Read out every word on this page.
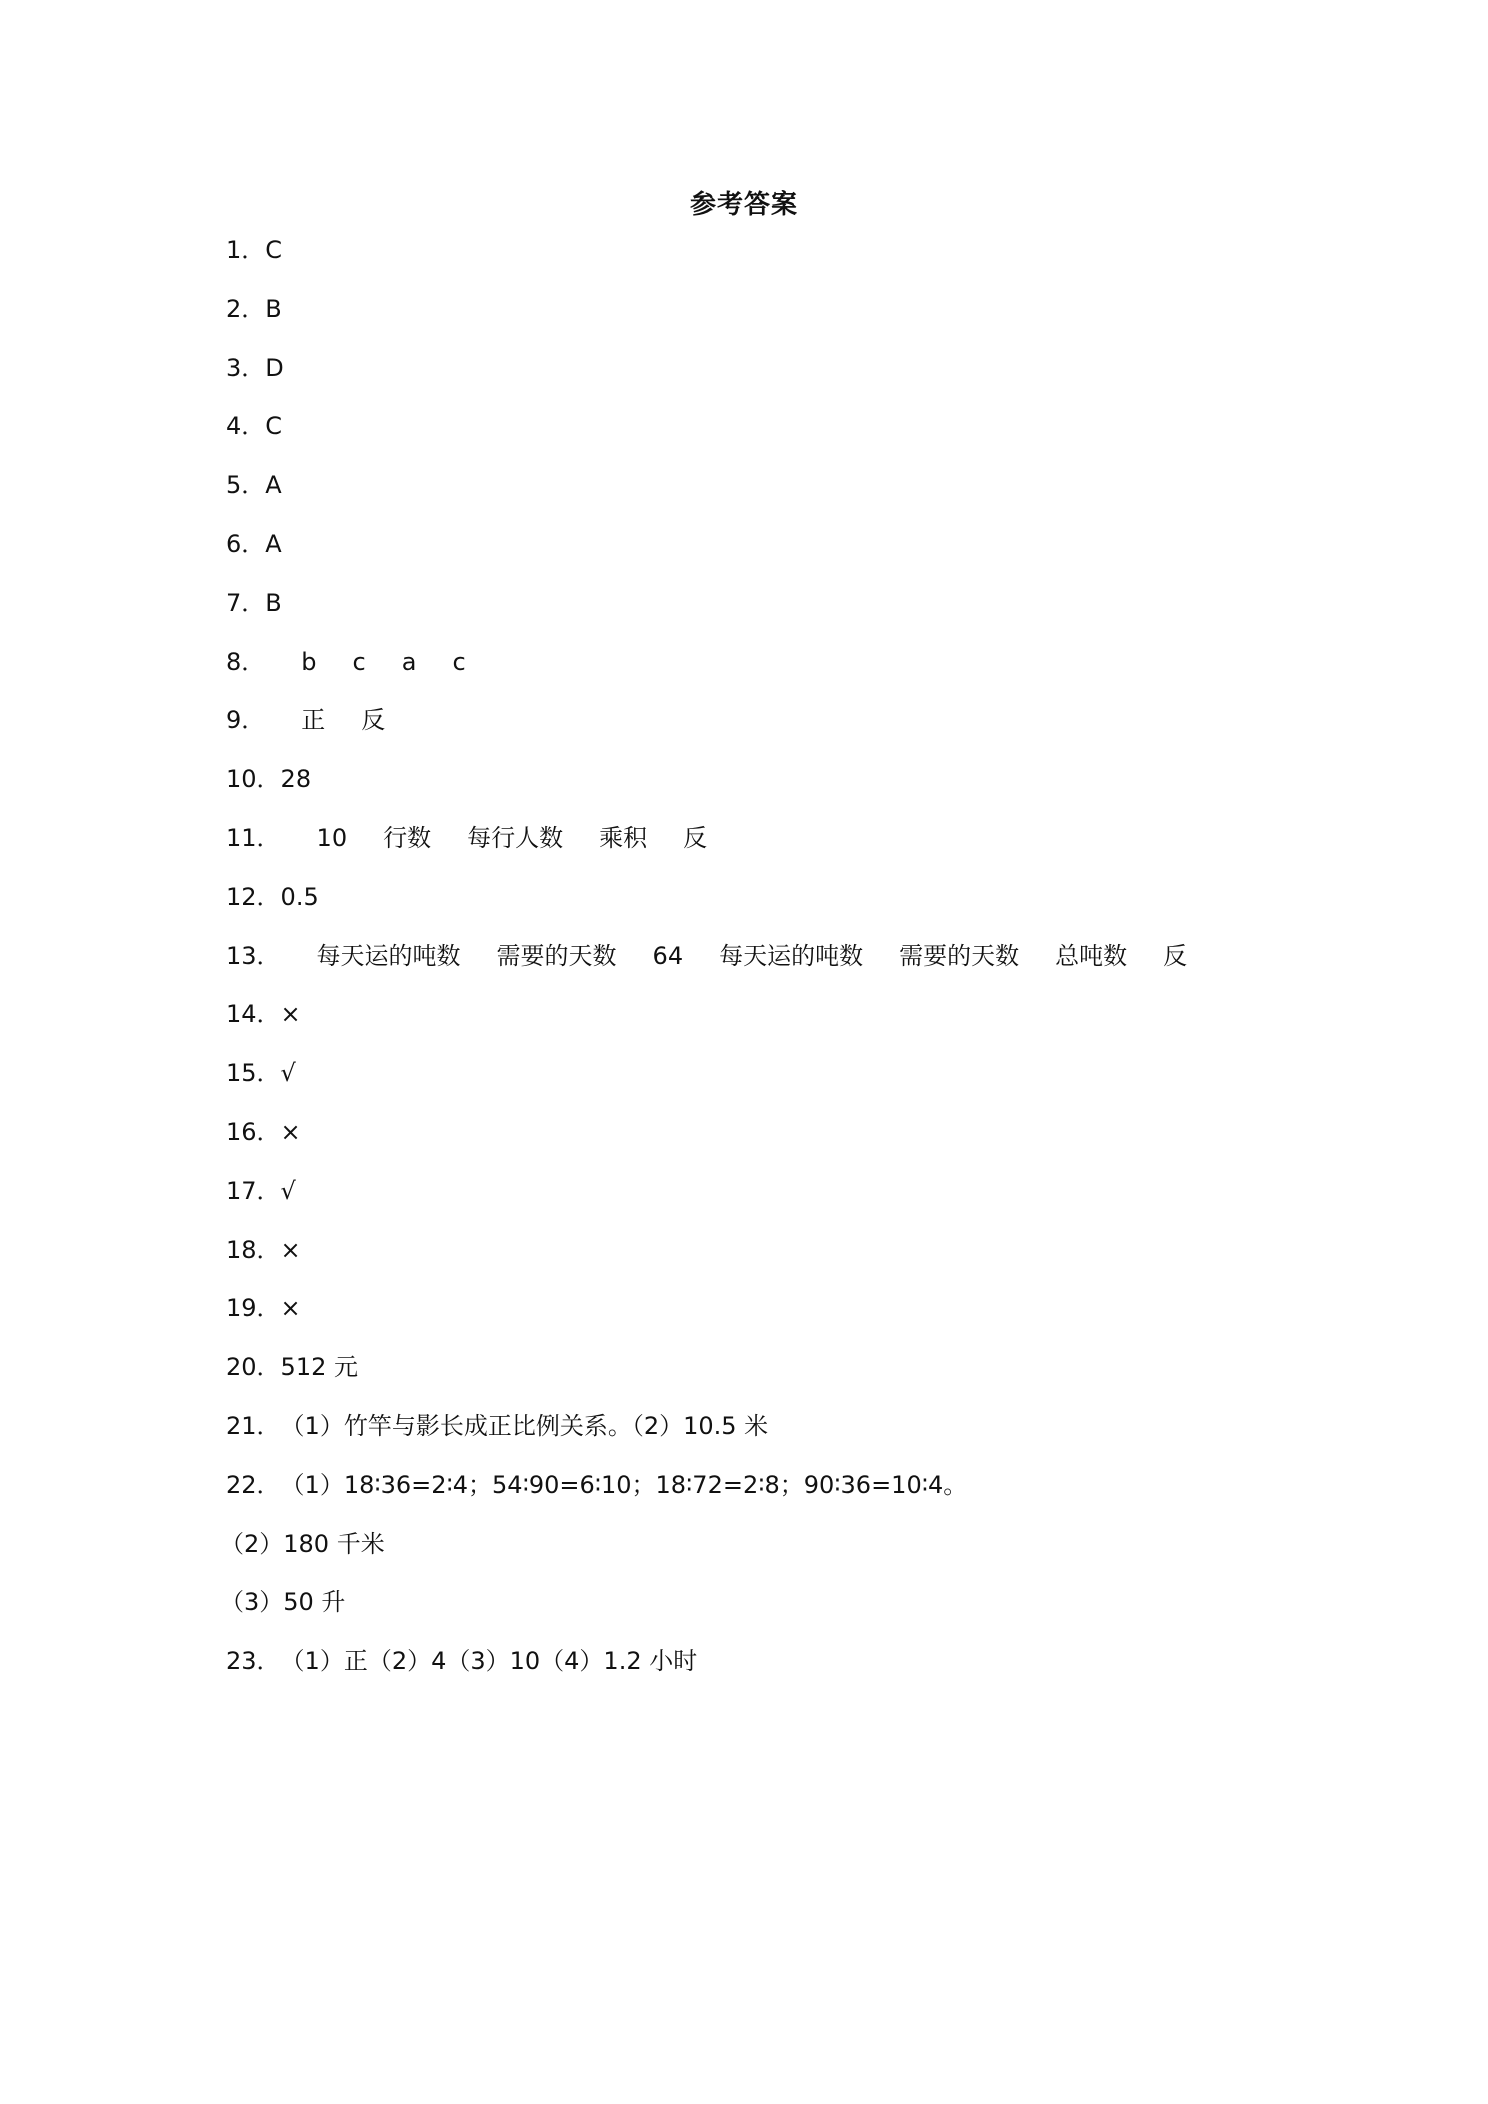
参考答案
1 ． C
2 ． B
3 ． D
4 ． C
5 ． A
6 ． A
7 ． B
8 ． b c a c
9 ． 正 反
10 ． 28
11 ． 10 行数 每行人数 乘积 反
12 ． 0.5
13 ． 每天运的吨数 需要的天数 64 每天运的吨数 需要的天数 总吨数 反
14 ． ×
15 ． √
16 ． ×
17 ． √
18 ． ×
19 ． ×
20 ． 512 元
21 ． （1）竹竿与影长成正比例关系。（2）10.5 米
22 ． （1）18∶36=2∶4；54∶90=6∶10；18∶72=2∶8；90∶36=10∶4。
（2）180 千米
（3）50 升
23 ． （1）正（2）4（3）10（4）1.2 小时
